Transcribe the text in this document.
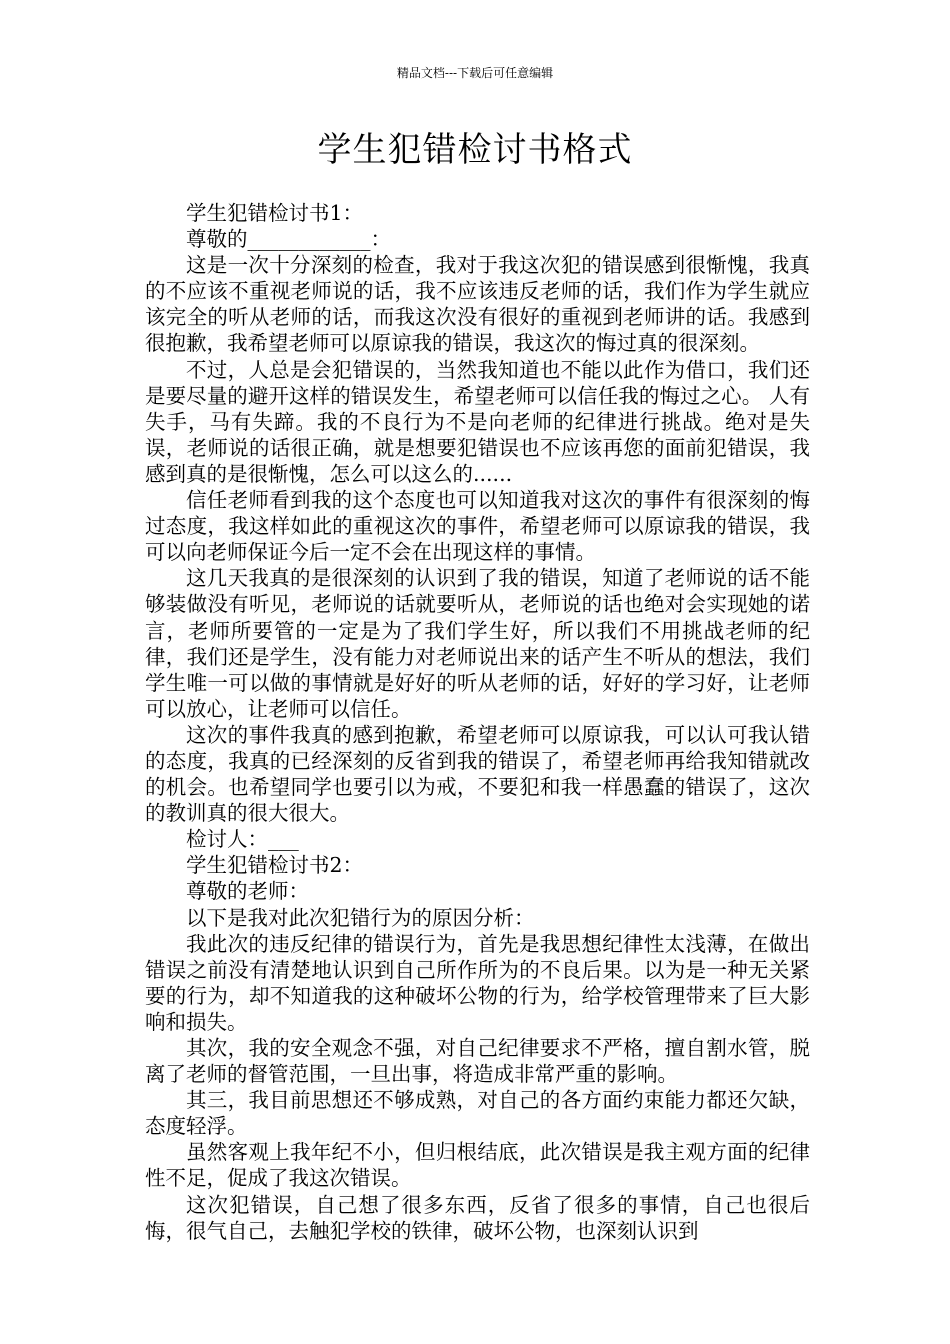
精品文档---下载后可任意编辑
学生犯错检讨书格式

学生犯错检讨书1：

尊敬的____________：

这是一次十分深刻的检查，我对于我这次犯的错误感到很惭愧，我真的不应该不重视老师说的话，我不应该违反老师的话，我们作为学生就应该完全的听从老师的话，而我这次没有很好的重视到老师讲的话。我感到很抱歉，我希望老师可以原谅我的错误，我这次的悔过真的很深刻。

不过，人总是会犯错误的，当然我知道也不能以此作为借口，我们还是要尽量的避开这样的错误发生，希望老师可以信任我的悔过之心。 人有失手，马有失蹄。我的不良行为不是向老师的纪律进行挑战。绝对是失误，老师说的话很正确，就是想要犯错误也不应该再您的面前犯错误，我感到真的是很惭愧，怎么可以这么的......

信任老师看到我的这个态度也可以知道我对这次的事件有很深刻的悔过态度，我这样如此的重视这次的事件，希望老师可以原谅我的错误，我可以向老师保证今后一定不会在出现这样的事情。

这几天我真的是很深刻的认识到了我的错误，知道了老师说的话不能够装做没有听见，老师说的话就要听从，老师说的话也绝对会实现她的诺言，老师所要管的一定是为了我们学生好，所以我们不用挑战老师的纪律，我们还是学生，没有能力对老师说出来的话产生不听从的想法，我们学生唯一可以做的事情就是好好的听从老师的话，好好的学习好，让老师可以放心，让老师可以信任。

这次的事件我真的感到抱歉，希望老师可以原谅我，可以认可我认错的态度，我真的已经深刻的反省到我的错误了，希望老师再给我知错就改的机会。也希望同学也要引以为戒，不要犯和我一样愚蠢的错误了，这次的教训真的很大很大。

检讨人：___

学生犯错检讨书2：

尊敬的老师：

以下是我对此次犯错行为的原因分析：

我此次的违反纪律的错误行为，首先是我思想纪律性太浅薄，在做出错误之前没有清楚地认识到自己所作所为的不良后果。以为是一种无关紧要的行为，却不知道我的这种破坏公物的行为，给学校管理带来了巨大影响和损失。

其次，我的安全观念不强，对自己纪律要求不严格，擅自割水管，脱离了老师的督管范围，一旦出事，将造成非常严重的影响。

其三，我目前思想还不够成熟，对自己的各方面约束能力都还欠缺，态度轻浮。

虽然客观上我年纪不小，但归根结底，此次错误是我主观方面的纪律性不足，促成了我这次错误。

这次犯错误，自己想了很多东西，反省了很多的事情，自己也很后悔，很气自己，去触犯学校的铁律，破坏公物，也深刻认识到
